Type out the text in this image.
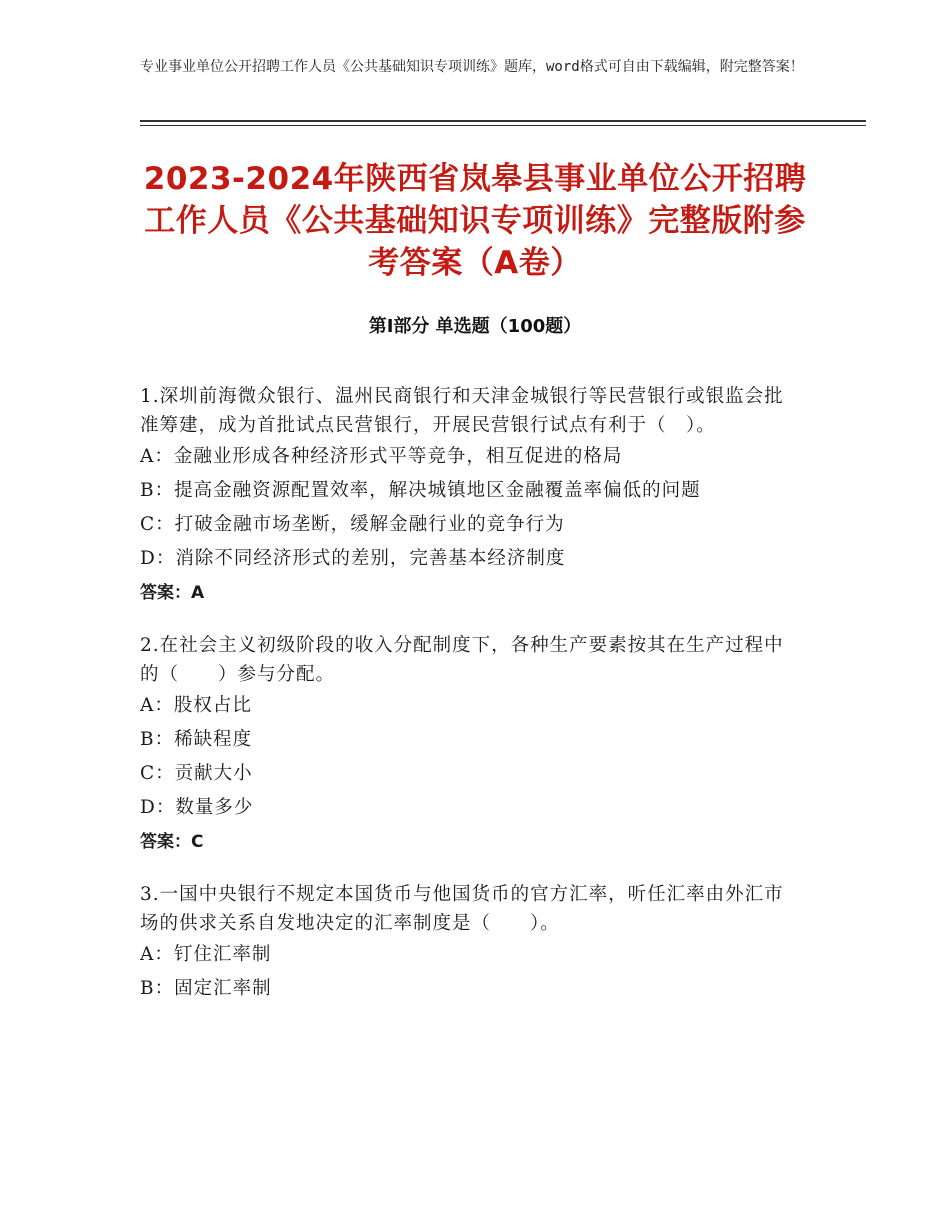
专业事业单位公开招聘工作人员《公共基础知识专项训练》题库，word格式可自由下载编辑，附完整答案！
2023-2024年陕西省岚皋县事业单位公开招聘工作人员《公共基础知识专项训练》完整版附参考答案（A卷）
第Ⅰ部分 单选题（100题）

1.深圳前海微众银行、温州民商银行和天津金城银行等民营银行或银监会批准筹建，成为首批试点民营银行，开展民营银行试点有利于（　）。

A：金融业形成各种经济形式平等竞争，相互促进的格局

B：提高金融资源配置效率，解决城镇地区金融覆盖率偏低的问题

C：打破金融市场垄断，缓解金融行业的竞争行为

D：消除不同经济形式的差别，完善基本经济制度

答案：A

2.在社会主义初级阶段的收入分配制度下，各种生产要素按其在生产过程中的（　　）参与分配。

A：股权占比

B：稀缺程度

C：贡献大小

D：数量多少

答案：C

3.一国中央银行不规定本国货币与他国货币的官方汇率，听任汇率由外汇市场的供求关系自发地决定的汇率制度是（　　）。

A：钉住汇率制

B：固定汇率制
